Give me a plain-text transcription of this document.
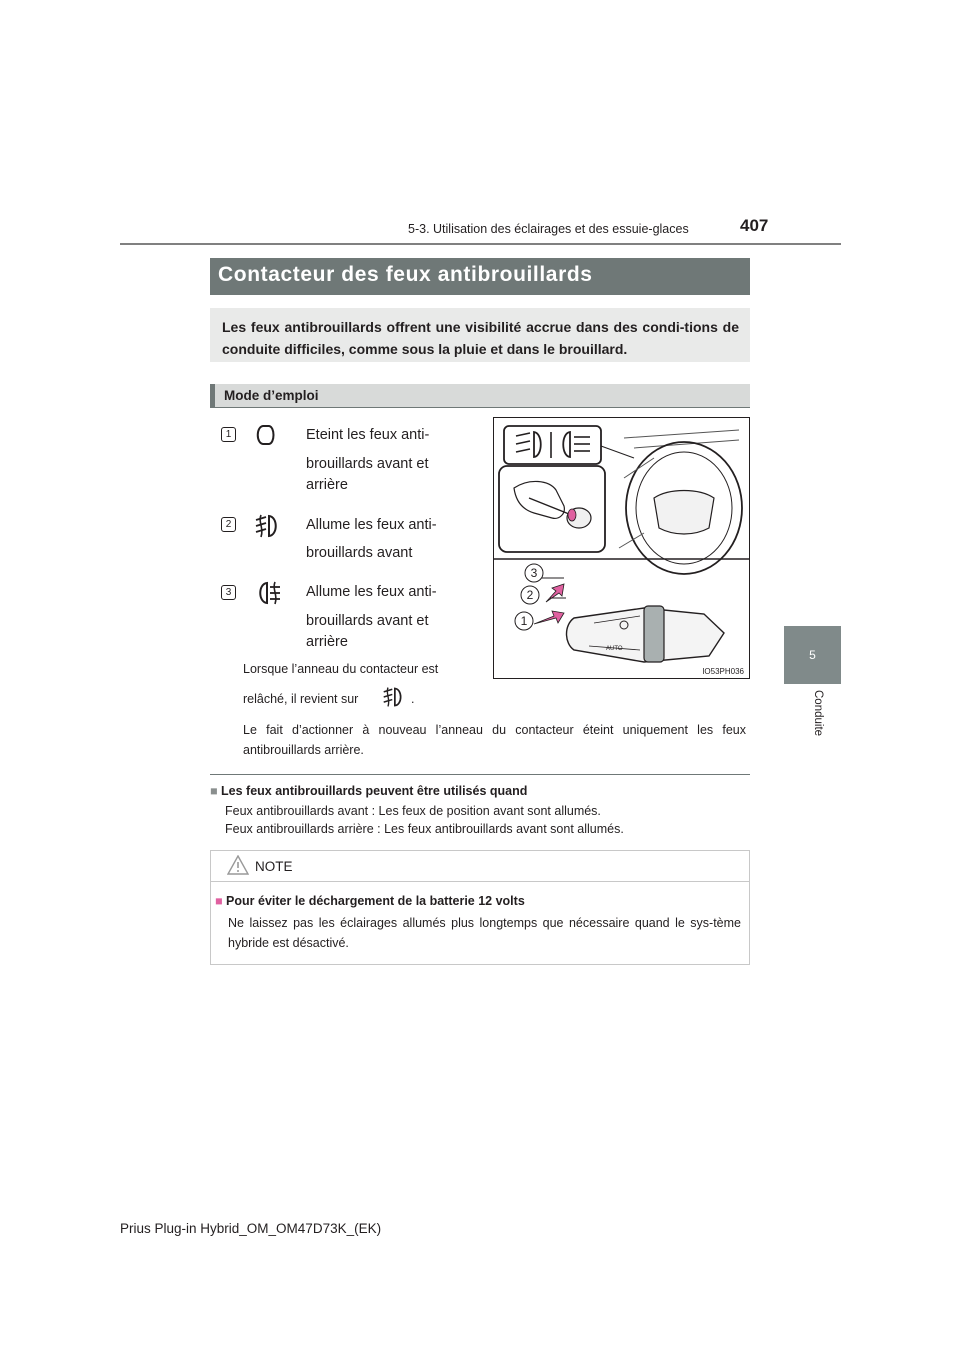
5-3. Utilisation des éclairages et des essuie-glaces	407
5
Conduite
Contacteur des feux antibrouillards

Les feux antibrouillards offrent une visibilité accrue dans des condi-tions de conduite difficiles, comme sous la pluie et dans le brouillard.

Mode d’emploi
1	Eteint les feux anti-
brouillards avant et
arrière
2	Allume les feux anti-
brouillards avant
3	Allume les feux anti-
brouillards avant et
arrière
Lorsque l’anneau du contacteur est
relâché, il revient sur	.
Le fait d’actionner à nouveau l’anneau du contacteur éteint uniquement les feux antibrouillards arrière.
AUTO
3
2
1
IO53PH036
■ Les feux antibrouillards peuvent être utilisés quand
Feux antibrouillards avant : Les feux de position avant sont allumés.
Feux antibrouillards arrière : Les feux antibrouillards avant sont allumés.
NOTE
■ Pour éviter le déchargement de la batterie 12 volts
Ne laissez pas les éclairages allumés plus longtemps que nécessaire quand le sys-tème hybride est désactivé.
Prius Plug-in Hybrid_OM_OM47D73K_(EK)
